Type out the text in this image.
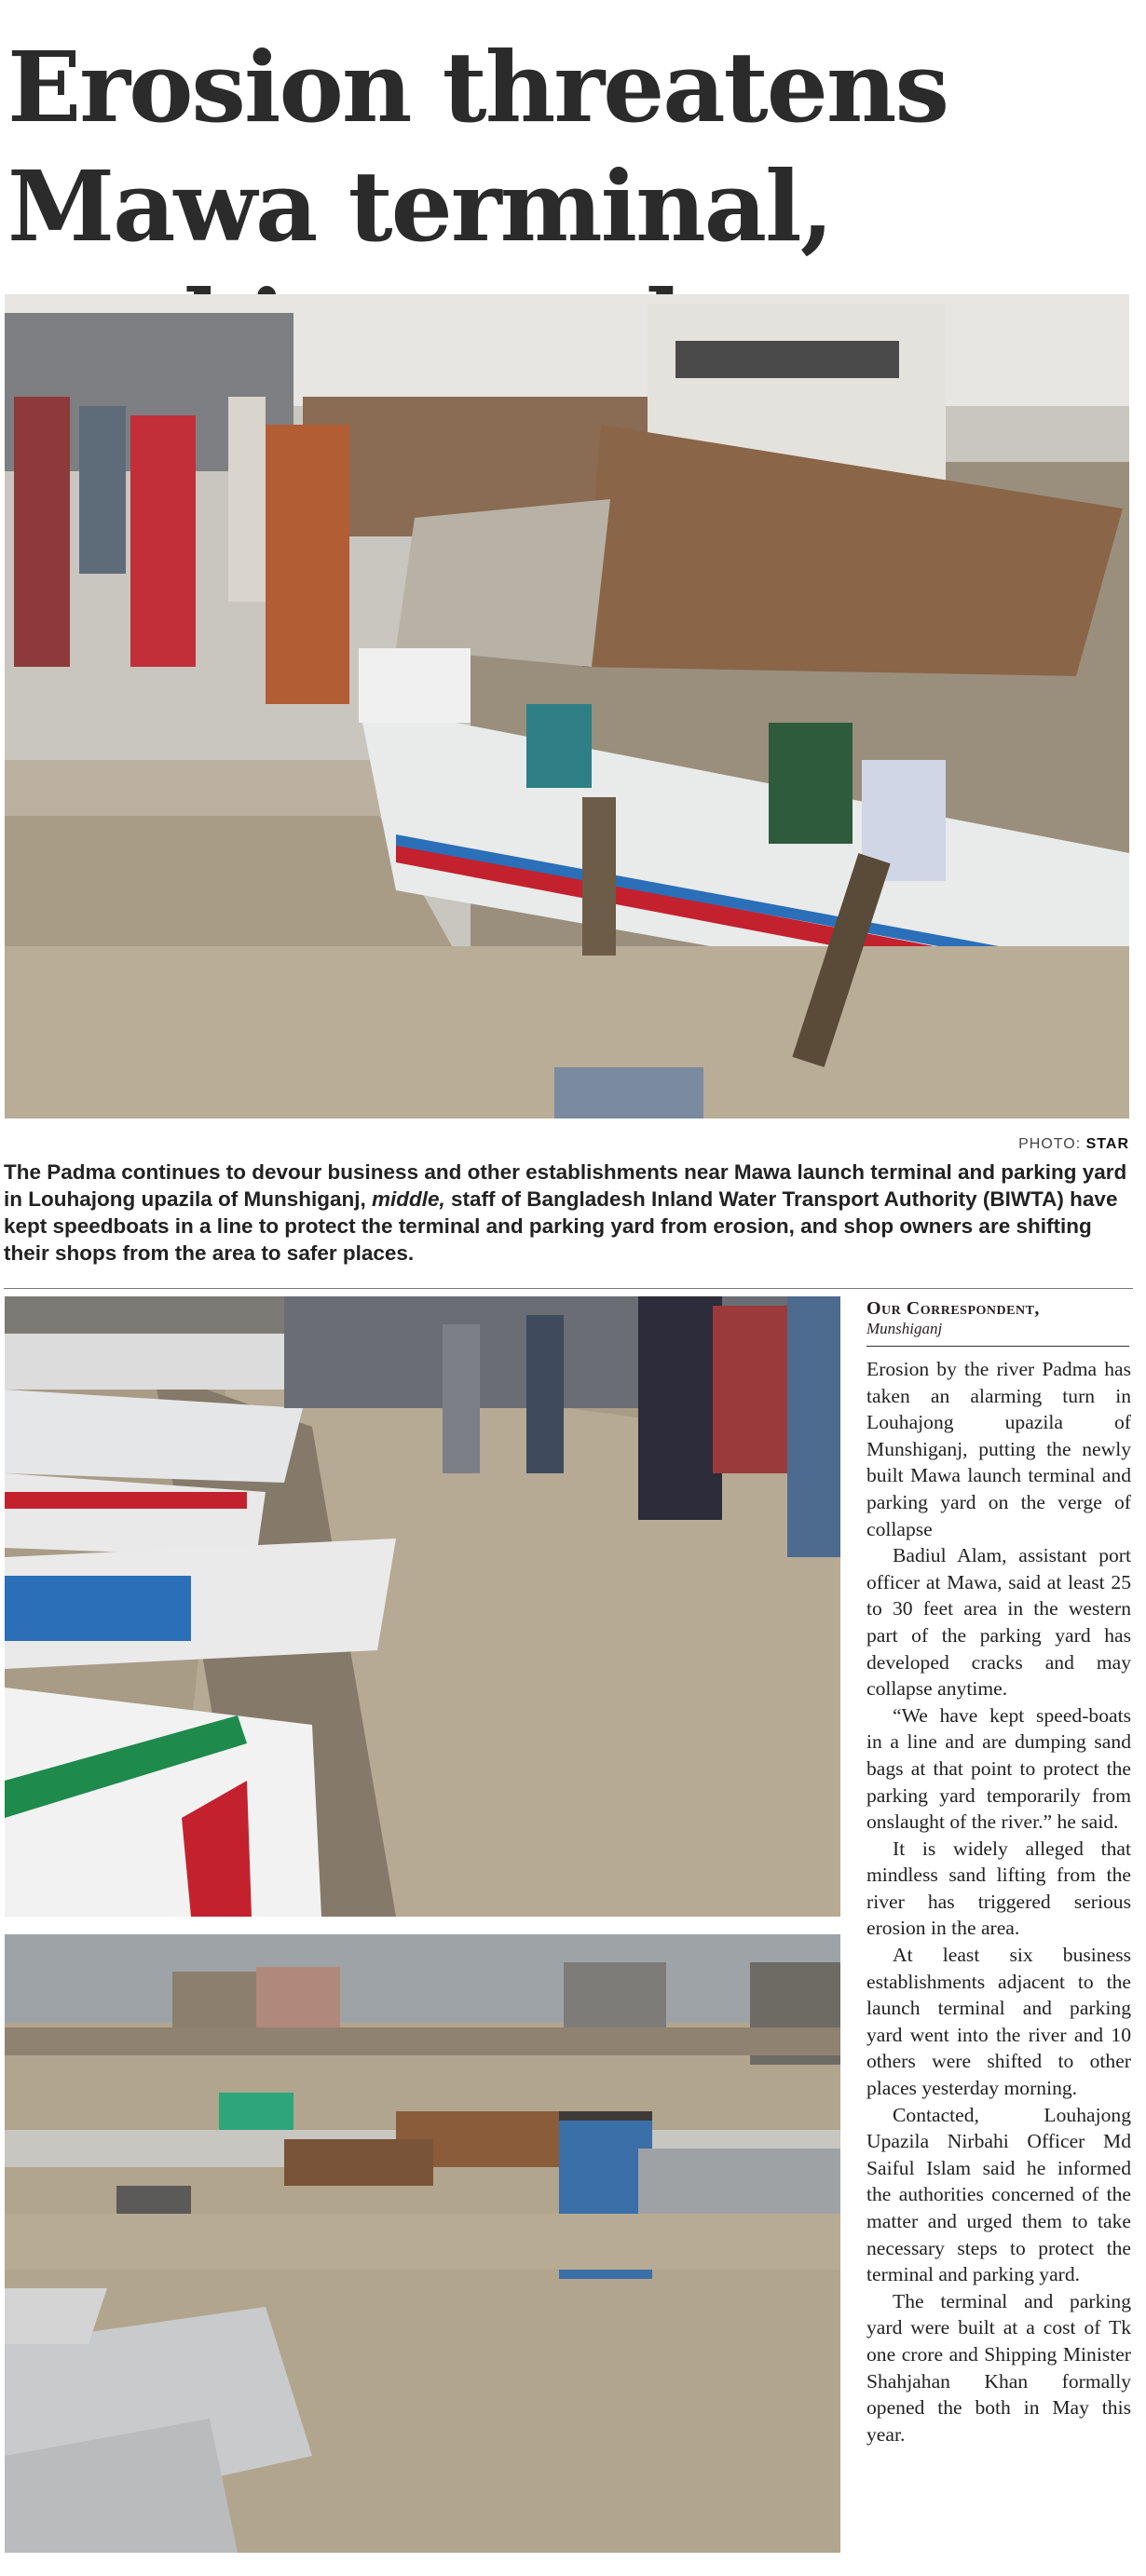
Erosion threatens Mawa terminal,
PHOTO: STAR

The Padma continues to devour business and other establishments near Mawa launch terminal and parking yard in Louhajong upazila of Munshiganj, middle, staff of Bangladesh Inland Water Transport Authority (BIWTA) have kept speedboats in a line to protect the terminal and parking yard from erosion, and shop owners are shifting their shops from the area to safer places.

Our Correspondent,
Munshiganj

Erosion by the river Padma has taken an alarming turn in Louhajong upazila of Munshiganj, putting the newly built Mawa launch terminal and parking yard on the verge of collapse

Badiul Alam, assistant port officer at Mawa, said at least 25 to 30 feet area in the western part of the parking yard has developed cracks and may collapse anytime.

“We have kept speed-boats in a line and are dumping sand bags at that point to protect the parking yard temporarily from onslaught of the river.” he said.

It is widely alleged that mindless sand lifting from the river has triggered serious erosion in the area.

At least six business establishments adjacent to the launch terminal and parking yard went into the river and 10 others were shifted to other places yesterday morning.

Contacted, Louhajong Upazila Nirbahi Officer Md Saiful Islam said he informed the authorities concerned of the matter and urged them to take necessary steps to protect the terminal and parking yard.

The terminal and parking yard were built at a cost of Tk one crore and Shipping Minister Shahjahan Khan formally opened the both in May this year.
